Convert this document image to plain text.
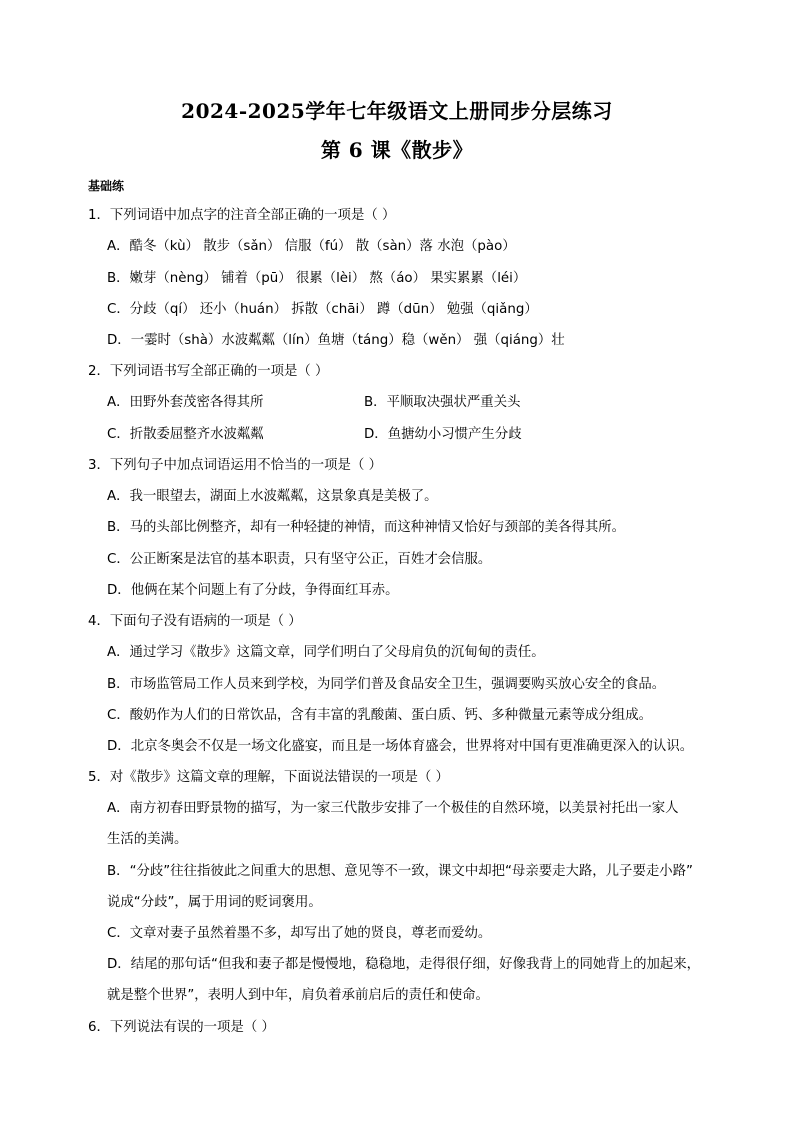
2024-2025学年七年级语文上册同步分层练习
第 6 课《散步》
基础练
1．下列词语中加点字的注音全部正确的一项是（ ）
A．酷冬（kù） 散步（sǎn） 信服（fú） 散（sàn）落 水泡（pào）
B．嫩芽（nèng） 铺着（pū） 很累（lèi） 熬（áo） 果实累累（léi）
C．分歧（qí） 还小（huán） 拆散（chāi） 蹲（dūn） 勉强（qiǎng）
D．一霎时（shà）水波粼粼（lín）鱼塘（táng）稳（wěn） 强（qiáng）壮
2．下列词语书写全部正确的一项是（ ）
A．田野外套茂密各得其所	B．平顺取决强状严重关头
C．折散委屈整齐水波粼粼	D．鱼搪幼小习惯产生分歧
3．下列句子中加点词语运用不恰当的一项是（ ）
A．我一眼望去，湖面上水波粼粼，这景象真是美极了。
B．马的头部比例整齐，却有一种轻捷的神情，而这种神情又恰好与颈部的美各得其所。
C．公正断案是法官的基本职责，只有坚守公正，百姓才会信服。
D．他俩在某个问题上有了分歧，争得面红耳赤。
4．下面句子没有语病的一项是（ ）
A．通过学习《散步》这篇文章，同学们明白了父母肩负的沉甸甸的责任。
B．市场监管局工作人员来到学校，为同学们普及食品安全卫生，强调要购买放心安全的食品。
C．酸奶作为人们的日常饮品，含有丰富的乳酸菌、蛋白质、钙、多种微量元素等成分组成。
D．北京冬奥会不仅是一场文化盛宴，而且是一场体育盛会，世界将对中国有更准确更深入的认识。
5．对《散步》这篇文章的理解，下面说法错误的一项是（ ）
A．南方初春田野景物的描写，为一家三代散步安排了一个极佳的自然环境，以美景衬托出一家人
生活的美满。
B．“分歧”往往指彼此之间重大的思想、意见等不一致，课文中却把“母亲要走大路，儿子要走小路”
说成“分歧”，属于用词的贬词褒用。
C．文章对妻子虽然着墨不多，却写出了她的贤良，尊老而爱幼。
D．结尾的那句话“但我和妻子都是慢慢地，稳稳地，走得很仔细，好像我背上的同她背上的加起来，
就是整个世界”，表明人到中年，肩负着承前启后的责任和使命。
6．下列说法有误的一项是（ ）
